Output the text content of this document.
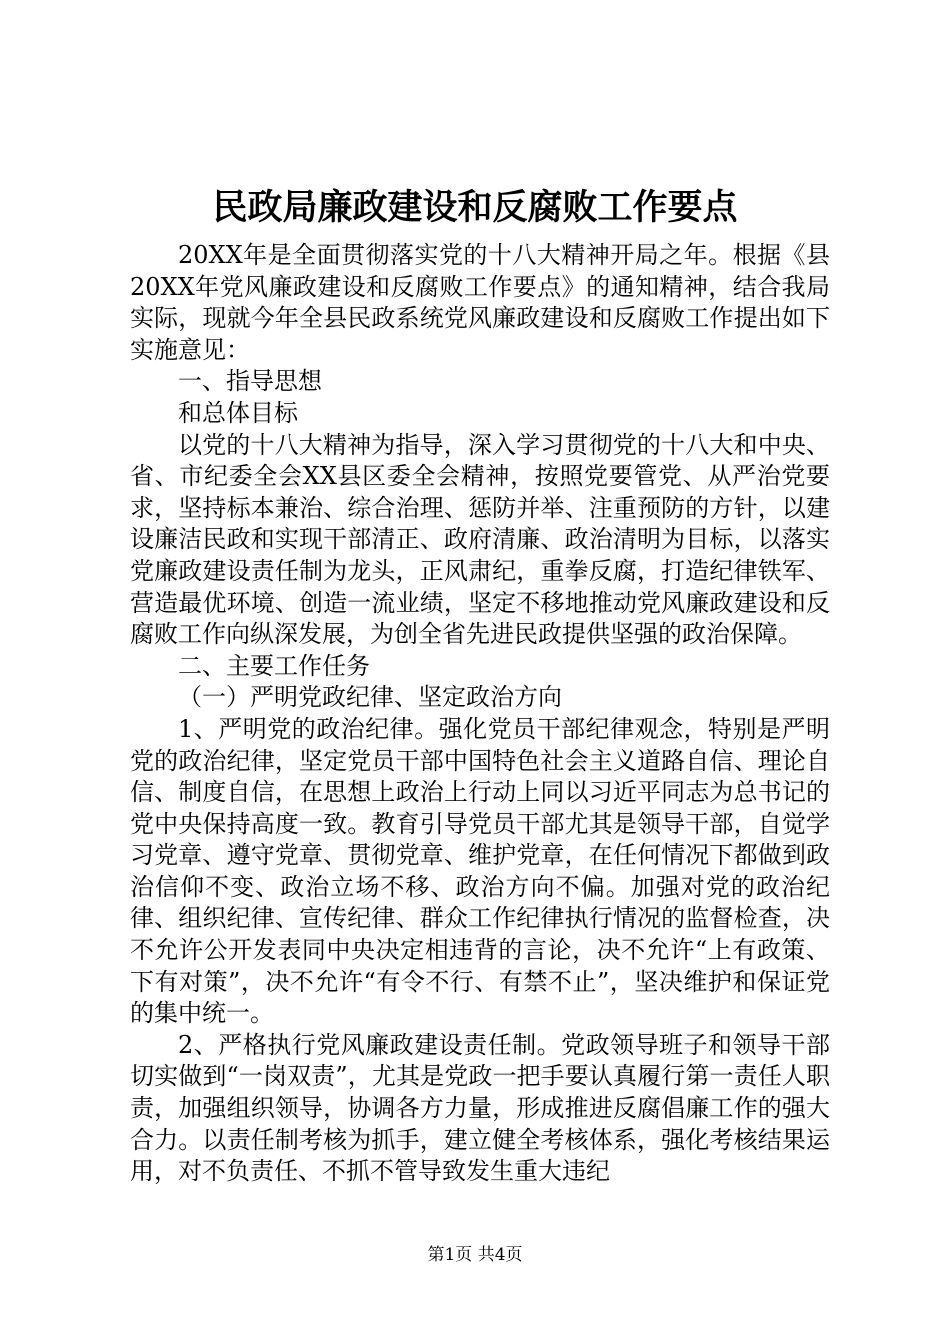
民政局廉政建设和反腐败工作要点

20XX年是全面贯彻落实党的十八大精神开局之年。根据《县20XX年党风廉政建设和反腐败工作要点》的通知精神，结合我局实际，现就今年全县民政系统党风廉政建设和反腐败工作提出如下实施意见：

一、指导思想

和总体目标

以党的十八大精神为指导，深入学习贯彻党的十八大和中央、省、市纪委全会XX县区委全会精神，按照党要管党、从严治党要求，坚持标本兼治、综合治理、惩防并举、注重预防的方针，以建设廉洁民政和实现干部清正、政府清廉、政治清明为目标，以落实党廉政建设责任制为龙头，正风肃纪，重拳反腐，打造纪律铁军、营造最优环境、创造一流业绩，坚定不移地推动党风廉政建设和反腐败工作向纵深发展，为创全省先进民政提供坚强的政治保障。

二、主要工作任务

（一）严明党政纪律、坚定政治方向

1、严明党的政治纪律。强化党员干部纪律观念，特别是严明党的政治纪律，坚定党员干部中国特色社会主义道路自信、理论自信、制度自信，在思想上政治上行动上同以习近平同志为总书记的党中央保持高度一致。教育引导党员干部尤其是领导干部，自觉学习党章、遵守党章、贯彻党章、维护党章，在任何情况下都做到政治信仰不变、政治立场不移、政治方向不偏。加强对党的政治纪律、组织纪律、宣传纪律、群众工作纪律执行情况的监督检查，决不允许公开发表同中央决定相违背的言论，决不允许“上有政策、下有对策”，决不允许“有令不行、有禁不止”，坚决维护和保证党的集中统一。

2、严格执行党风廉政建设责任制。党政领导班子和领导干部切实做到“一岗双责”，尤其是党政一把手要认真履行第一责任人职责，加强组织领导，协调各方力量，形成推进反腐倡廉工作的强大合力。以责任制考核为抓手，建立健全考核体系，强化考核结果运用，对不负责任、不抓不管导致发生重大违纪

第1页 共4页
